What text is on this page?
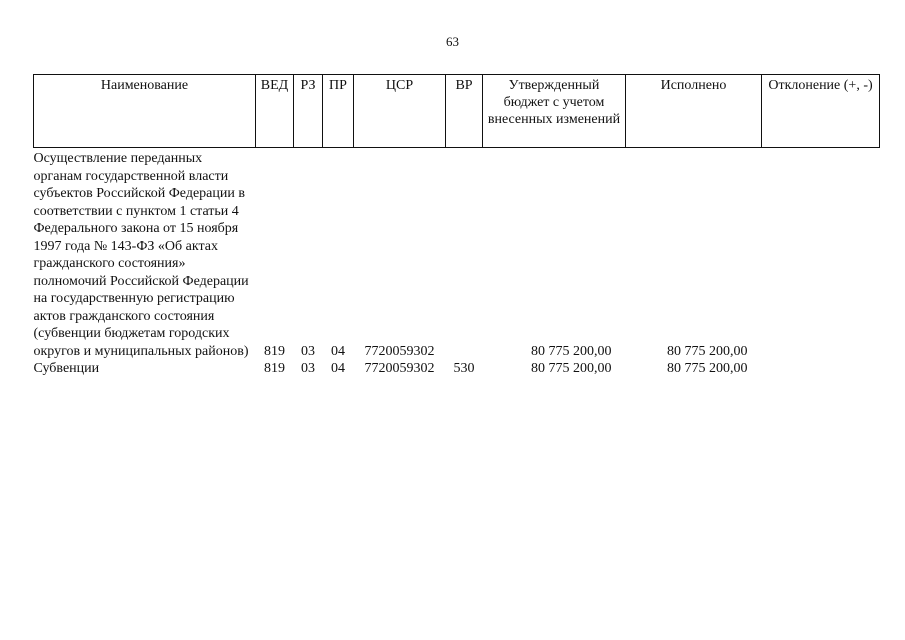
63
Наименование	ВЕД	РЗ	ПР	ЦСР	ВР	Утвержденный бюджет с учетом внесенных изменений	Исполнено	Отклонение (+, -)
Осуществление переданных органам государственной власти субъектов Российской Федерации в соответствии с пунктом 1 статьи 4 Федерального закона от 15 ноября 1997 года № 143-ФЗ «Об актах гражданского состояния» полномочий Российской Федерации на государственную регистрацию актов гражданского состояния (субвенции бюджетам городских округов и муниципальных районов)	819	03	04	7720059302		80 775 200,00	80 775 200,00	
Субвенции	819	03	04	7720059302	530	80 775 200,00	80 775 200,00	
